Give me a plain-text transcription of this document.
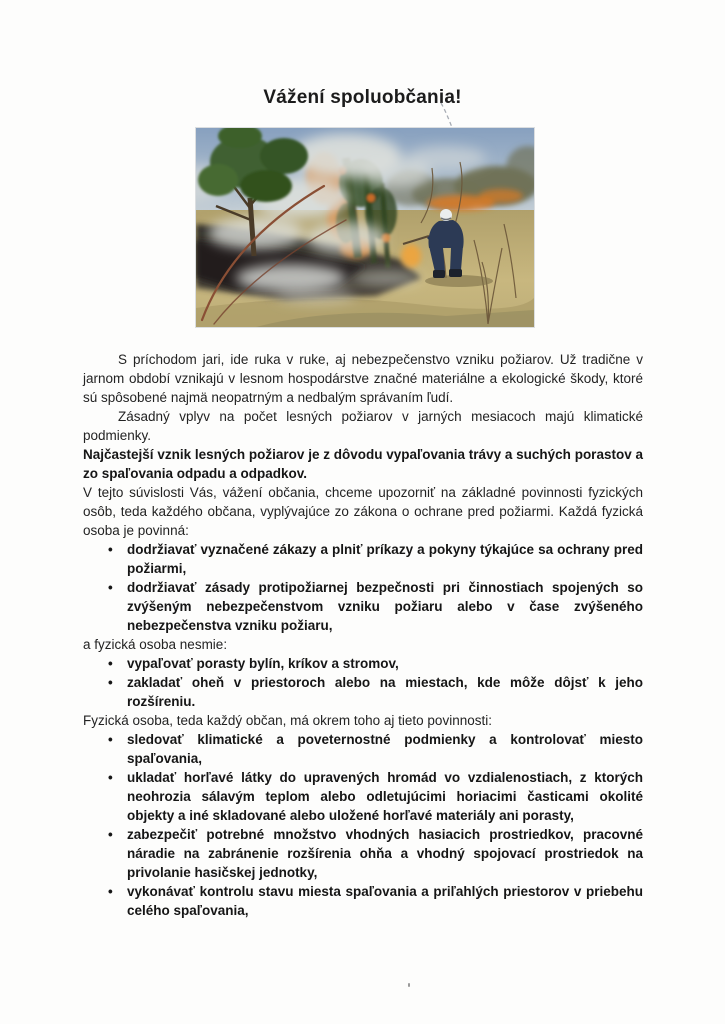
Vážení spoluobčania!

S príchodom jari, ide ruka v ruke, aj nebezpečenstvo vzniku požiarov. Už tradične v jarnom období vznikajú v lesnom hospodárstve značné materiálne a ekologické škody, ktoré sú spôsobené najmä neopatrným a nedbalým správaním ľudí.

Zásadný vplyv na počet lesných požiarov v jarných mesiacoch majú klimatické podmienky.

Najčastejší vznik lesných požiarov je z dôvodu vypaľovania trávy a suchých porastov a zo spaľovania odpadu a odpadkov.

V tejto súvislosti Vás, vážení občania, chceme upozorniť na základné povinnosti fyzických osôb, teda každého občana, vyplývajúce zo zákona o ochrane pred požiarmi. Každá fyzická osoba je povinná:

• dodržiavať vyznačené zákazy a plniť príkazy a pokyny týkajúce sa ochrany pred požiarmi,
• dodržiavať zásady protipožiarnej bezpečnosti pri činnostiach spojených so zvýšeným nebezpečenstvom vzniku požiaru alebo v čase zvýšeného nebezpečenstva vzniku požiaru,

a fyzická osoba nesmie:

• vypaľovať porasty bylín, kríkov a stromov,
• zakladať oheň v priestoroch alebo na miestach, kde môže dôjsť k jeho rozšíreniu.

Fyzická osoba, teda každý občan, má okrem toho aj tieto povinnosti:

• sledovať klimatické a poveternostné podmienky a kontrolovať miesto spaľovania,
• ukladať horľavé látky do upravených hromád vo vzdialenostiach, z ktorých neohrozia sálavým teplom alebo odletujúcimi horiacimi časticami okolité objekty a iné skladované alebo uložené horľavé materiály ani porasty,
• zabezpečiť potrebné množstvo vhodných hasiacich prostriedkov, pracovné náradie na zabránenie rozšírenia ohňa a vhodný spojovací prostriedok na privolanie hasičskej jednotky,
• vykonávať kontrolu stavu miesta spaľovania a priľahlých priestorov v priebehu celého spaľovania,
